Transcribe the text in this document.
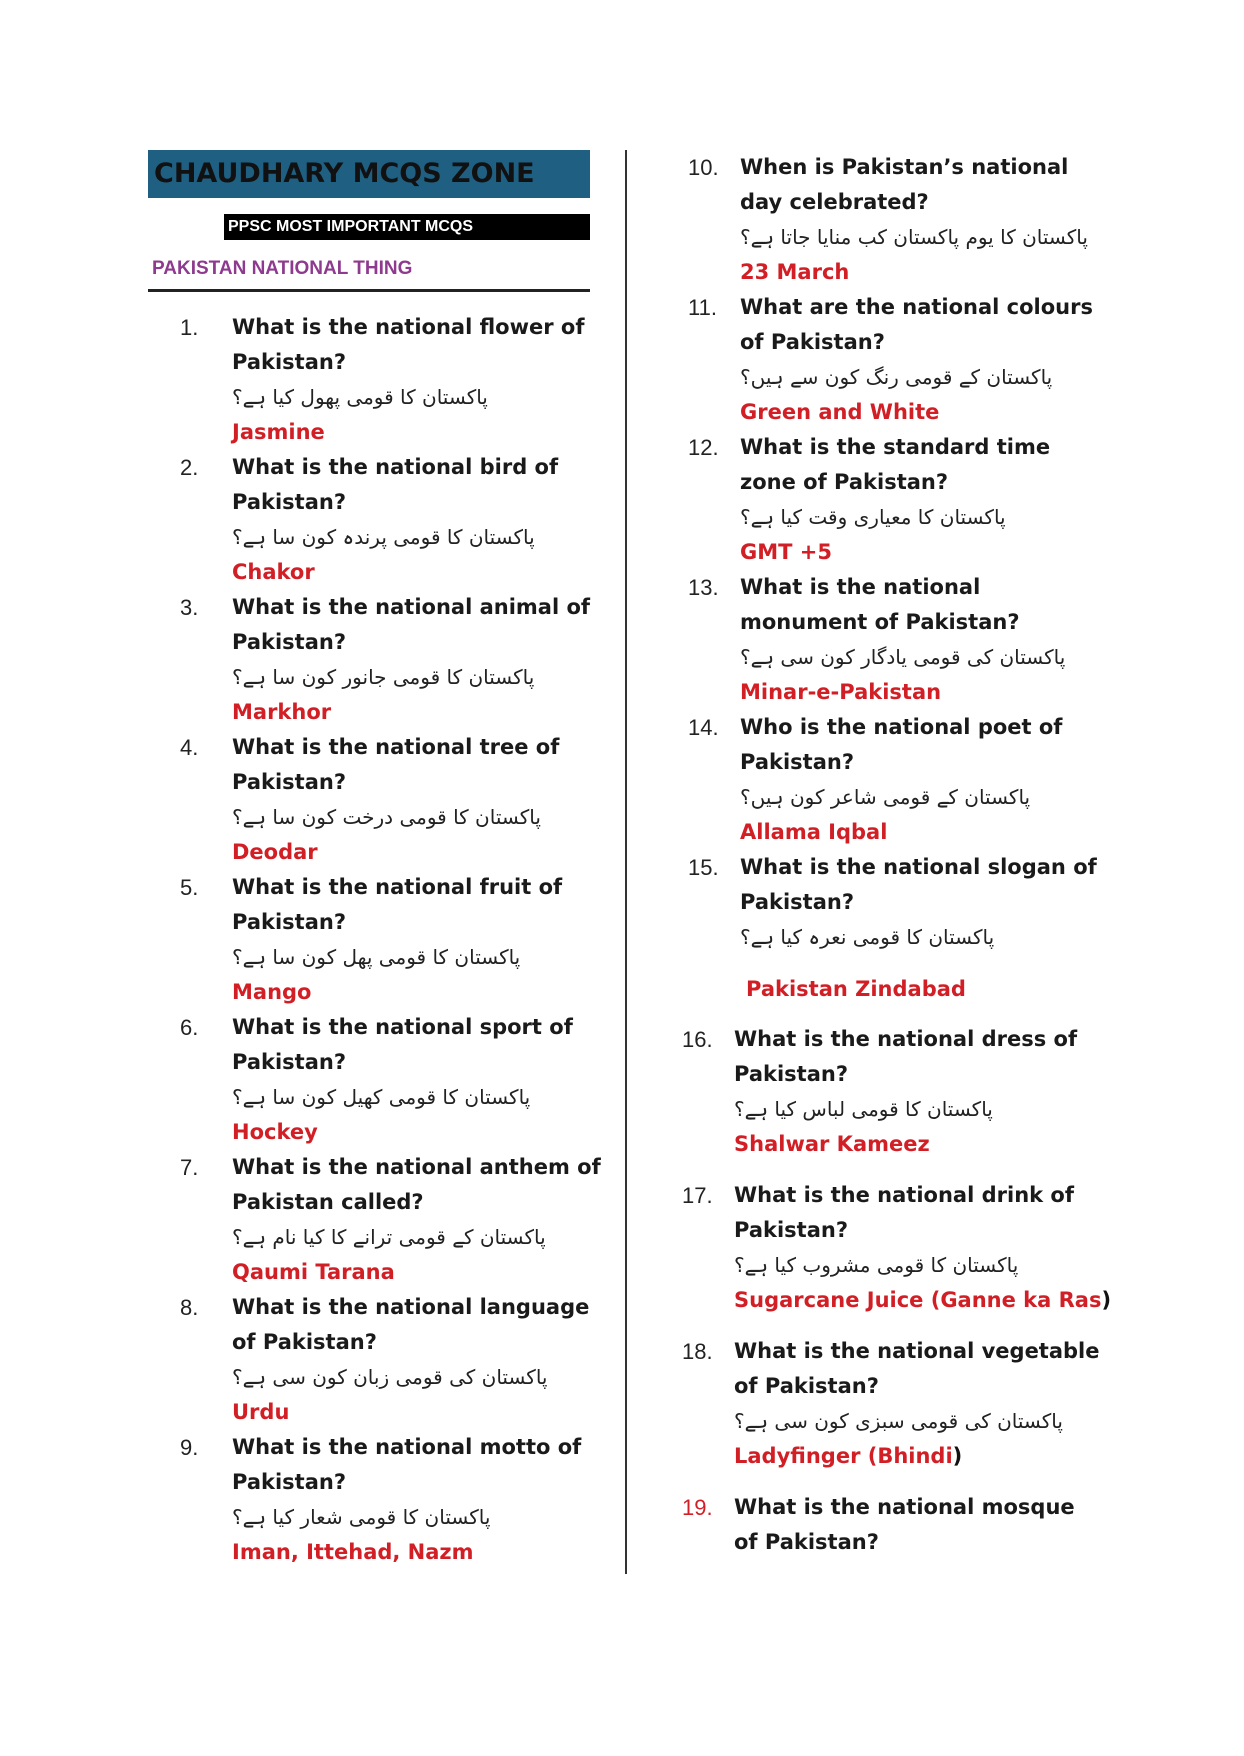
CHAUDHARY MCQS ZONE
PPSC MOST IMPORTANT MCQS
PAKISTAN NATIONAL THING
1.	What is the national flower of Pakistan?
پاکستان کا قومی پھول کیا ہے؟
Jasmine
2.	What is the national bird of Pakistan?
پاکستان کا قومی پرندہ کون سا ہے؟
Chakor
3.	What is the national animal of Pakistan?
پاکستان کا قومی جانور کون سا ہے؟
Markhor
4.	What is the national tree of Pakistan?
پاکستان کا قومی درخت کون سا ہے؟
Deodar
5.	What is the national fruit of Pakistan?
پاکستان کا قومی پھل کون سا ہے؟
Mango
6.	What is the national sport of Pakistan?
پاکستان کا قومی کھیل کون سا ہے؟
Hockey
7.	What is the national anthem of Pakistan called?
پاکستان کے قومی ترانے کا کیا نام ہے؟
Qaumi Tarana
8.	What is the national language of Pakistan?
پاکستان کی قومی زبان کون سی ہے؟
Urdu
9.	What is the national motto of Pakistan?
پاکستان کا قومی شعار کیا ہے؟
Iman, Ittehad, Nazm
10.	When is Pakistan’s national day celebrated?
پاکستان کا یوم پاکستان کب منایا جاتا ہے؟
23 March
11.	What are the national colours of Pakistan?
پاکستان کے قومی رنگ کون سے ہیں؟
Green and White
12.	What is the standard time zone of Pakistan?
پاکستان کا معیاری وقت کیا ہے؟
GMT +5
13.	What is the national monument of Pakistan?
پاکستان کی قومی یادگار کون سی ہے؟
Minar-e-Pakistan
14.	Who is the national poet of Pakistan?
پاکستان کے قومی شاعر کون ہیں؟
Allama Iqbal
15.	What is the national slogan of Pakistan?
پاکستان کا قومی نعرہ کیا ہے؟
Pakistan Zindabad
16.	What is the national dress of Pakistan?
پاکستان کا قومی لباس کیا ہے؟
Shalwar Kameez
17.	What is the national drink of Pakistan?
پاکستان کا قومی مشروب کیا ہے؟
Sugarcane Juice (Ganne ka Ras)
18.	What is the national vegetable of Pakistan?
پاکستان کی قومی سبزی کون سی ہے؟
Ladyfinger (Bhindi)
19.	What is the national mosque of Pakistan?
